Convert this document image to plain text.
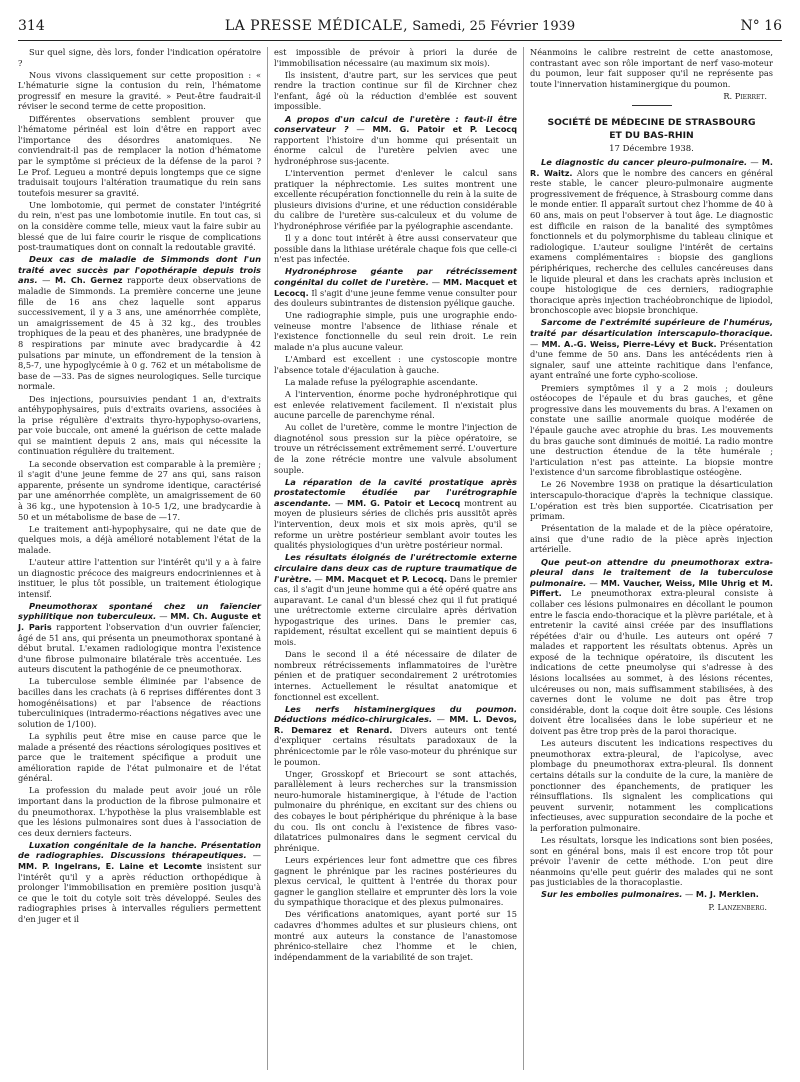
314	LA PRESSE MÉDICALE, Samedi, 25 Février 1939	N° 16

Sur quel signe, dès lors, fonder l'indication opératoire ?

Nous vivons classiquement sur cette proposition : « L'hématurie signe la contusion du rein, l'hématome progressif en mesure la gravité. » Peut-être faudrait-il réviser le second terme de cette proposition.

Différentes observations semblent prouver que l'hématome périnéal est loin d'être en rapport avec l'importance des désordres anatomiques. Ne conviendrait-il pas de remplacer la notion d'hématome par le symptôme si précieux de la défense de la paroi ? Le Prof. Legueu a montré depuis longtemps que ce signe traduisait toujours l'altération traumatique du rein sans toutefois mesurer sa gravité.

Une lombotomie, qui permet de constater l'intégrité du rein, n'est pas une lombotomie inutile. En tout cas, si on la considère comme telle, mieux vaut la faire subir au blessé que de lui faire courir le risque de complications post-traumatiques dont on connaît la redoutable gravité.

Deux cas de maladie de Simmonds dont l'un traité avec succès par l'opothérapie depuis trois ans. — M. Ch. Gernez rapporte deux observations de maladie de Simmonds. La première concerne une jeune fille de 16 ans chez laquelle sont apparus successivement, il y a 3 ans, une aménorrhée complète, un amaigrissement de 45 à 32 kg., des troubles trophiques de la peau et des phanères, une bradypnée de 8 respirations par minute avec bradycardie à 42 pulsations par minute, un effondrement de la tension à 8,5-7, une hypoglycémie à 0 g. 762 et un métabolisme de base de —33. Pas de signes neurologiques. Selle turcique normale.

Des injections, poursuivies pendant 1 an, d'extraits antéhypophysaires, puis d'extraits ovariens, associées à la prise régulière d'extraits thyro-hypophyso-ovariens, par voie buccale, ont amené la guérison de cette malade qui se maintient depuis 2 ans, mais qui nécessite la continuation régulière du traitement.

La seconde observation est comparable à la première ; il s'agit d'une jeune femme de 27 ans qui, sans raison apparente, présente un syndrome identique, caractérisé par une aménorrhée complète, un amaigrissement de 60 à 36 kg., une hypotension à 10-5 1/2, une bradycardie à 50 et un métabolisme de base de —17.

Le traitement anti-hypophysaire, qui ne date que de quelques mois, a déjà amélioré notablement l'état de la malade.

L'auteur attire l'attention sur l'intérêt qu'il y a à faire un diagnostic précoce des maigreurs endocriniennes et à instituer, le plus tôt possible, un traitement étiologique intensif.

Pneumothorax spontané chez un faïencier syphilitique non tuberculeux. — MM. Ch. Auguste et J. Paris rapportent l'observation d'un ouvrier faïencier, âgé de 51 ans, qui présenta un pneumothorax spontané à début brutal. L'examen radiologique montra l'existence d'une fibrose pulmonaire bilatérale très accentuée. Les auteurs discutent la pathogénie de ce pneumothorax.

La tuberculose semble éliminée par l'absence de bacilles dans les crachats (à 6 reprises différentes dont 3 homogénéisations) et par l'absence de réactions tuberculiniques (intradermo-réactions négatives avec une solution de 1/100).

La syphilis peut être mise en cause parce que le malade a présenté des réactions sérologiques positives et parce que le traitement spécifique a produit une amélioration rapide de l'état pulmonaire et de l'état général.

La profession du malade peut avoir joué un rôle important dans la production de la fibrose pulmonaire et du pneumothorax. L'hypothèse la plus vraisemblable est que les lésions pulmonaires sont dues à l'association de ces deux derniers facteurs.

Luxation congénitale de la hanche. Présentation de radiographies. Discussions thérapeutiques. — MM. P. Ingelrans, E. Laine et Lecomte insistent sur l'intérêt qu'il y a après réduction orthopédique à prolonger l'immobilisation en première position jusqu'à ce que le toit du cotyle soit très développé. Seules des radiographies prises à intervalles réguliers permettent d'en juger et il

est impossible de prévoir à priori la durée de l'immobilisation nécessaire (au maximum six mois).

Ils insistent, d'autre part, sur les services que peut rendre la traction continue sur fil de Kirchner chez l'enfant, âgé où la réduction d'emblée est souvent impossible.

A propos d'un calcul de l'uretère : faut-il être conservateur ? — MM. G. Patoir et P. Lecocq rapportent l'histoire d'un homme qui présentait un énorme calcul de l'uretère pelvien avec une hydronéphrose sus-jacente.

L'intervention permet d'enlever le calcul sans pratiquer la néphrectomie. Les suites montrent une excellente récupération fonctionnelle du rein à la suite de plusieurs divisions d'urine, et une réduction considérable du calibre de l'uretère sus-calculeux et du volume de l'hydronéphrose vérifiée par la pyélographie ascendante.

Il y a donc tout intérêt à être aussi conservateur que possible dans la lithiase urétérale chaque fois que celle-ci n'est pas infectée.

Hydronéphrose géante par rétrécissement congénital du collet de l'uretère. — MM. Macquet et Lecocq. Il s'agit d'une jeune femme venue consulter pour des douleurs subintrantes de distension pyélique gauche.

Une radiographie simple, puis une urographie endo-veineuse montre l'absence de lithiase rénale et l'existence fonctionnelle du seul rein droit. Le rein malade n'a plus aucune valeur.

L'Ambard est excellent : une cystoscopie montre l'absence totale d'éjaculation à gauche.

La malade refuse la pyélographie ascendante.

A l'intervention, énorme poche hydronéphrotique qui est enlevée relativement facilement. Il n'existait plus aucune parcelle de parenchyme rénal.

Au collet de l'uretère, comme le montre l'injection de diagnoténol sous pression sur la pièce opératoire, se trouve un rétrécissement extrêmement serré. L'ouverture de la zone rétrécie montre une valvule absolument souple.

La réparation de la cavité prostatique après prostatectomie étudiée par l'urétrographie ascendante. — MM. G. Patoir et Lecocq montrent au moyen de plusieurs séries de clichés pris aussitôt après l'intervention, deux mois et six mois après, qu'il se reforme un urètre postérieur semblant avoir toutes les qualités physiologiques d'un urètre postérieur normal.

Les résultats éloignés de l'urétrectomie externe circulaire dans deux cas de rupture traumatique de l'urètre. — MM. Macquet et P. Lecocq. Dans le premier cas, il s'agit d'un jeune homme qui a été opéré quatre ans auparavant. Le canal d'un blessé chez qui il fut pratiqué une urétrectomie externe circulaire après dérivation hypogastrique des urines. Dans le premier cas, rapidement, résultat excellent qui se maintient depuis 6 mois.

Dans le second il a été nécessaire de dilater de nombreux rétrécissements inflammatoires de l'urètre pénien et de pratiquer secondairement 2 urétrotomies internes. Actuellement le résultat anatomique et fonctionnel est excellent.

Les nerfs histaminergiques du poumon. Déductions médico-chirurgicales. — MM. L. Devos, R. Demarez et Renard. Divers auteurs ont tenté d'expliquer certains résultats paradoxaux de la phrénicectomie par le rôle vaso-moteur du phrénique sur le poumon.

Unger, Grosskopf et Briecourt se sont attachés, parallèlement à leurs recherches sur la transmission neuro-humorale histaminergique, à l'étude de l'action pulmonaire du phrénique, en excitant sur des chiens ou des cobayes le bout périphérique du phrénique à la base du cou. Ils ont conclu à l'existence de fibres vaso-dilatatrices pulmonaires dans le segment cervical du phrénique.

Leurs expériences leur font admettre que ces fibres gagnent le phrénique par les racines postérieures du plexus cervical, le quittent à l'entrée du thorax pour gagner le ganglion stellaire et emprunter dès lors la voie du sympathique thoracique et des plexus pulmonaires.

Des vérifications anatomiques, ayant porté sur 15 cadavres d'hommes adultes et sur plusieurs chiens, ont montré aux auteurs la constance de l'anastomose phrénico-stellaire chez l'homme et le chien, indépendamment de la variabilité de son trajet.

Néanmoins le calibre restreint de cette anastomose, contrastant avec son rôle important de nerf vaso-moteur du poumon, leur fait supposer qu'il ne représente pas toute l'innervation histaminergique du poumon.

R. Pierret.
SOCIÉTÉ DE MÉDECINE DE STRASBOURG
ET DU BAS-RHIN
17 Décembre 1938.

Le diagnostic du cancer pleuro-pulmonaire. — M. R. Waitz. Alors que le nombre des cancers en général reste stable, le cancer pleuro-pulmonaire augmente progressivement de fréquence, à Strasbourg comme dans le monde entier. Il apparaît surtout chez l'homme de 40 à 60 ans, mais on peut l'observer à tout âge. Le diagnostic est difficile en raison de la banalité des symptômes fonctionnels et du polymorphisme du tableau clinique et radiologique. L'auteur souligne l'intérêt de certains examens complémentaires : biopsie des ganglions périphériques, recherche des cellules cancéreuses dans le liquide pleural et dans les crachats après inclusion et coupe histologique de ces derniers, radiographie thoracique après injection trachéobronchique de lipiodol, bronchoscopie avec biopsie bronchique.

Sarcome de l'extrémité supérieure de l'humérus, traité par désarticulation interscapulo-thoracique. — MM. A.-G. Weiss, Pierre-Lévy et Buck. Présentation d'une femme de 50 ans. Dans les antécédents rien à signaler, sauf une atteinte rachitique dans l'enfance, ayant entraîné une forte cypho-scoliose.

Premiers symptômes il y a 2 mois ; douleurs ostéocopes de l'épaule et du bras gauches, et gêne progressive dans les mouvements du bras. A l'examen on constate une saillie anormale quoique modérée de l'épaule gauche avec atrophie du bras. Les mouvements du bras gauche sont diminués de moitié. La radio montre une destruction étendue de la tête humérale ; l'articulation n'est pas atteinte. La biopsie montre l'existence d'un sarcome fibroblastique ostéogène.

Le 26 Novembre 1938 on pratique la désarticulation interscapulo-thoracique d'après la technique classique. L'opération est très bien supportée. Cicatrisation per primam.

Présentation de la malade et de la pièce opératoire, ainsi que d'une radio de la pièce après injection artérielle.

Que peut-on attendre du pneumothorax extra-pleural dans le traitement de la tuberculose pulmonaire. — MM. Vaucher, Weiss, Mlle Uhrig et M. Piffert. Le pneumothorax extra-pleural consiste à collaber ces lésions pulmonaires en décollant le poumon entre le fascia endo-thoracique et la plèvre pariétale, et à entretenir la cavité ainsi créée par des insufflations répétées d'air ou d'huile. Les auteurs ont opéré 7 malades et rapportent les résultats obtenus. Après un exposé de la technique opératoire, ils discutent les indications de cette pneumolyse qui s'adresse à des lésions localisées au sommet, à des lésions récentes, ulcéreuses ou non, mais suffisamment stabilisées, à des cavernes dont le volume ne doit pas être trop considérable, dont la coque doit être souple. Ces lésions doivent être localisées dans le lobe supérieur et ne doivent pas être trop près de la paroi thoracique.

Les auteurs discutent les indications respectives du pneumothorax extra-pleural, de l'apicolyse, avec plombage du pneumothorax extra-pleural. Ils donnent certains détails sur la conduite de la cure, la manière de ponctionner des épanchements, de pratiquer les réinsufflations. Ils signalent les complications qui peuvent survenir, notamment les complications infectieuses, avec suppuration secondaire de la poche et la perforation pulmonaire.

Les résultats, lorsque les indications sont bien posées, sont en général bons, mais il est encore trop tôt pour prévoir l'avenir de cette méthode. L'on peut dire néanmoins qu'elle peut guérir des malades qui ne sont pas justiciables de la thoracoplastie.

Sur les embolies pulmonaires. — M. J. Merklen.

P. Lanzenberg.
